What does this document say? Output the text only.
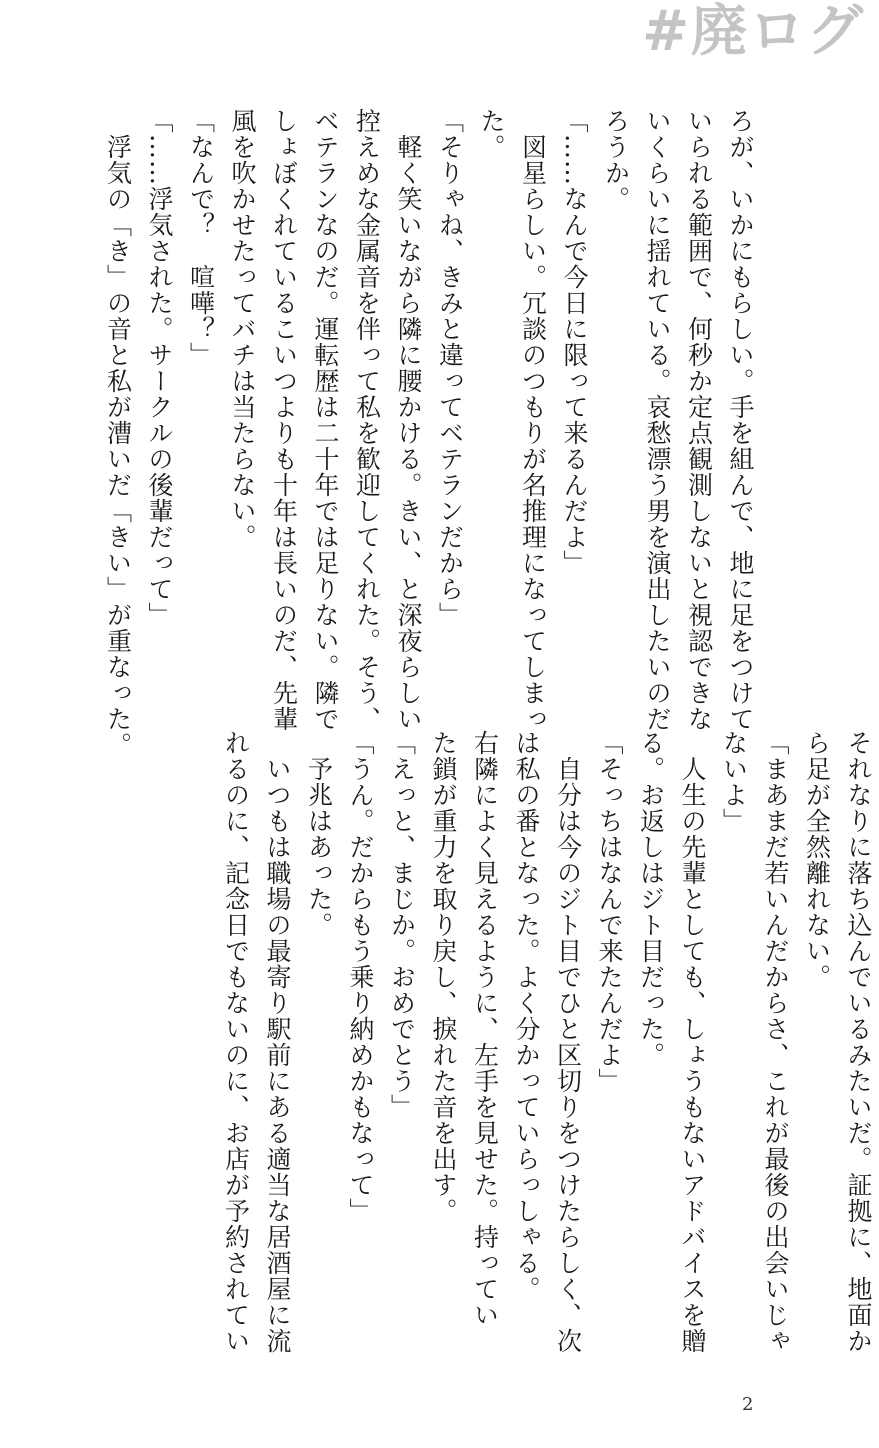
#廃ログ
ろが、いかにもらしい。手を組んで、地に足をつけて
いられる範囲で、何秒か定点観測しないと視認できな
いくらいに揺れている。哀愁漂う男を演出したいのだ
ろうか。
「……なんで今日に限って来るんだよ」
　図星らしい。冗談のつもりが名推理になってしまっ
た。
「そりゃね、きみと違ってベテランだから」
　軽く笑いながら隣に腰かける。きい、と深夜らしい
控えめな金属音を伴って私を歓迎してくれた。そう、
ベテランなのだ。運転歴は二十年では足りない。隣で
しょぼくれているこいつよりも十年は長いのだ、先輩
風を吹かせたってバチは当たらない。
「なんで？　喧嘩？」
「……浮気された。サークルの後輩だって」
　浮気の「き」の音と私が漕いだ「きい」が重なった。
それなりに落ち込んでいるみたいだ。証拠に、地面か
ら足が全然離れない。
「まあまだ若いんだからさ、これが最後の出会いじゃ
ないよ」
　人生の先輩としても、しょうもないアドバイスを贈
る。お返しはジト目だった。
「そっちはなんで来たんだよ」
　自分は今のジト目でひと区切りをつけたらしく、次
は私の番となった。よく分かっていらっしゃる。
右隣によく見えるように、左手を見せた。持ってい
た鎖が重力を取り戻し、捩れた音を出す。
「えっと、まじか。おめでとう」
「うん。だからもう乗り納めかもなって」
　予兆はあった。
　いつもは職場の最寄り駅前にある適当な居酒屋に流
れるのに、記念日でもないのに、お店が予約されてい
2
